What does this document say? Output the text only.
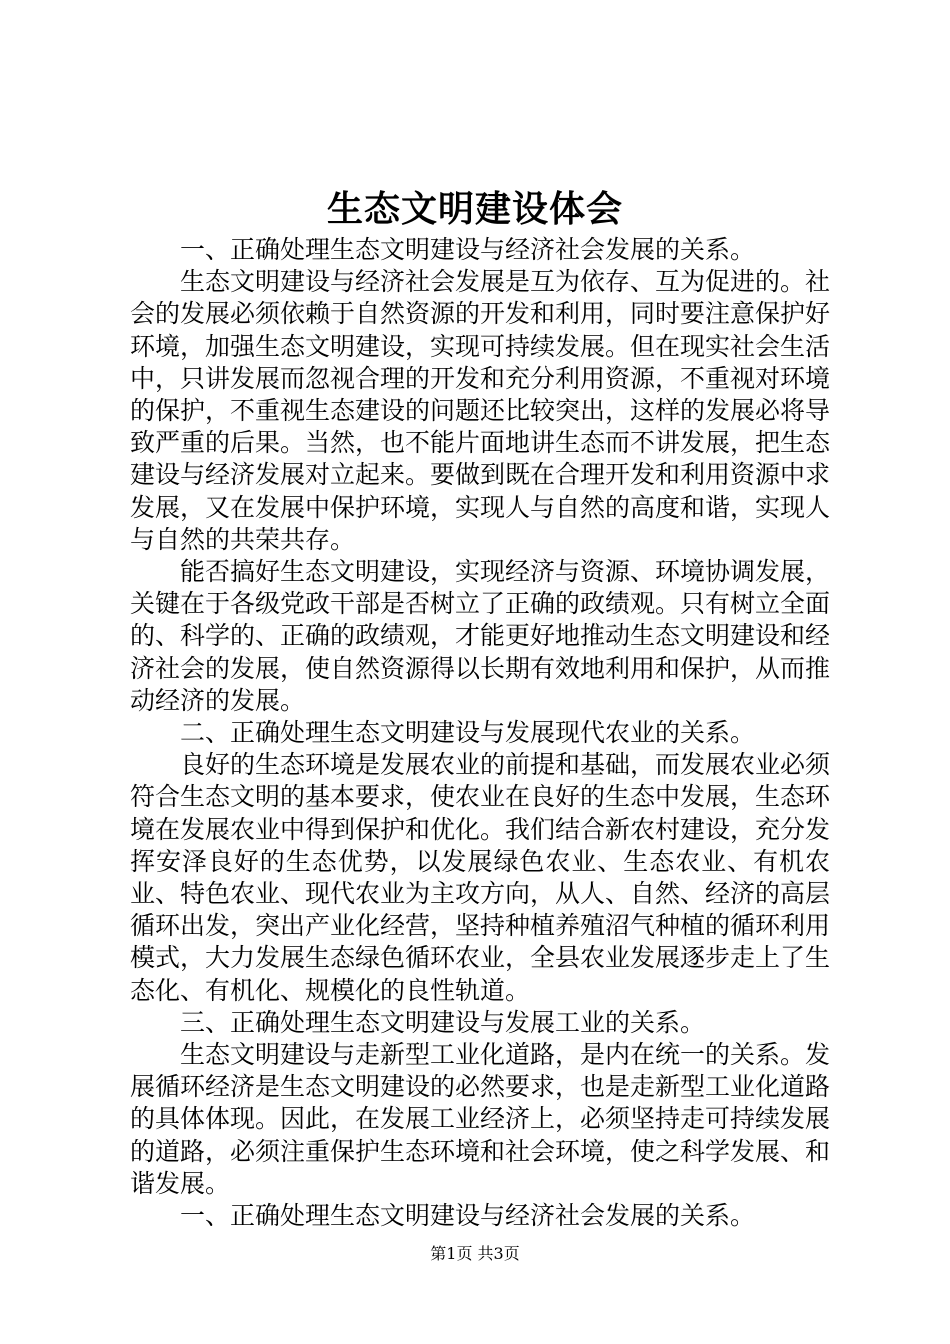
生态文明建设体会

一、正确处理生态文明建设与经济社会发展的关系。

生态文明建设与经济社会发展是互为依存、互为促进的。社会的发展必须依赖于自然资源的开发和利用，同时要注意保护好环境，加强生态文明建设，实现可持续发展。但在现实社会生活中，只讲发展而忽视合理的开发和充分利用资源，不重视对环境的保护，不重视生态建设的问题还比较突出，这样的发展必将导致严重的后果。当然，也不能片面地讲生态而不讲发展，把生态建设与经济发展对立起来。要做到既在合理开发和利用资源中求发展，又在发展中保护环境，实现人与自然的高度和谐，实现人与自然的共荣共存。

能否搞好生态文明建设，实现经济与资源、环境协调发展，关键在于各级党政干部是否树立了正确的政绩观。只有树立全面的、科学的、正确的政绩观，才能更好地推动生态文明建设和经济社会的发展，使自然资源得以长期有效地利用和保护，从而推动经济的发展。

二、正确处理生态文明建设与发展现代农业的关系。

良好的生态环境是发展农业的前提和基础，而发展农业必须符合生态文明的基本要求，使农业在良好的生态中发展，生态环境在发展农业中得到保护和优化。我们结合新农村建设，充分发挥安泽良好的生态优势，以发展绿色农业、生态农业、有机农业、特色农业、现代农业为主攻方向，从人、自然、经济的高层循环出发，突出产业化经营，坚持种植养殖沼气种植的循环利用模式，大力发展生态绿色循环农业，全县农业发展逐步走上了生态化、有机化、规模化的良性轨道。

三、正确处理生态文明建设与发展工业的关系。

生态文明建设与走新型工业化道路，是内在统一的关系。发展循环经济是生态文明建设的必然要求，也是走新型工业化道路的具体体现。因此，在发展工业经济上，必须坚持走可持续发展的道路，必须注重保护生态环境和社会环境，使之科学发展、和谐发展。

一、正确处理生态文明建设与经济社会发展的关系。

第1页 共3页
